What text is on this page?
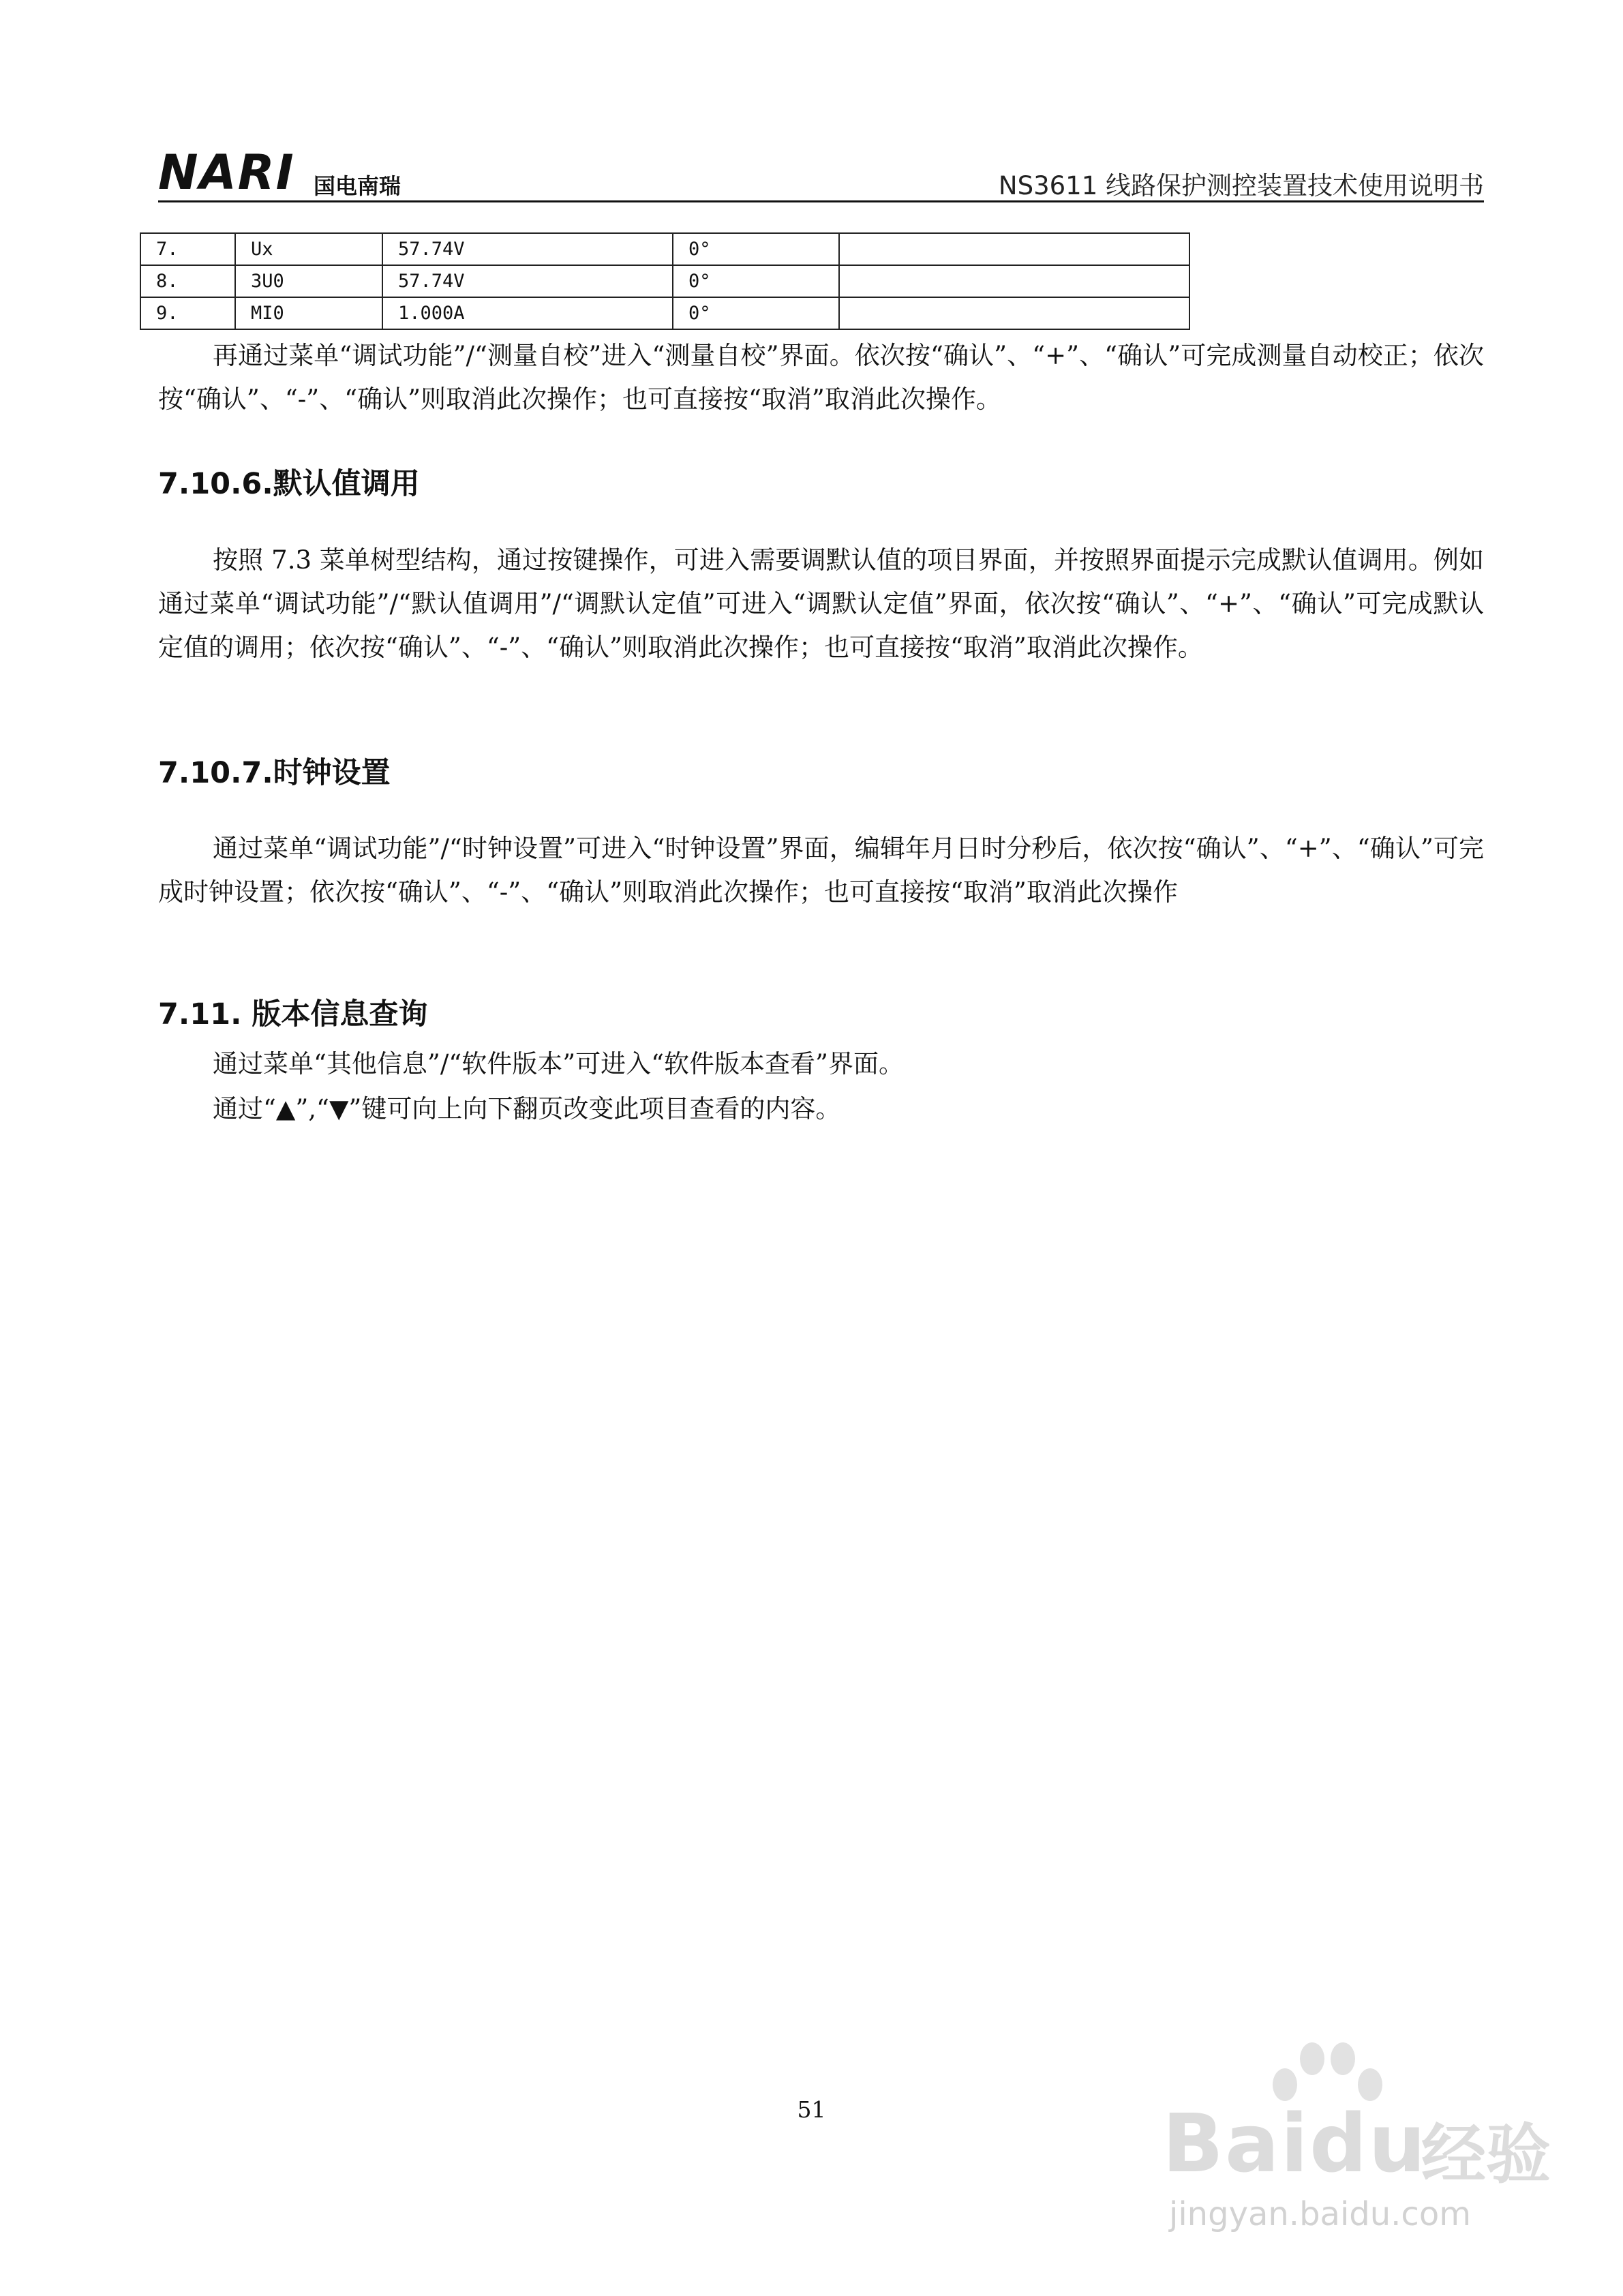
NARI 国电南瑞	NS3611 线路保护测控装置技术使用说明书
7.	Ux	57.74V	0°	
8.	3U0	57.74V	0°	
9.	MI0	1.000A	0°	

再通过菜单“调试功能”/“测量自校”进入“测量自校”界面。依次按“确认”、“+”、“确认”可完成测量自动校正；依次按“确认”、“-”、“确认”则取消此次操作；也可直接按“取消”取消此次操作。

7.10.6.默认值调用

按照 7.3 菜单树型结构，通过按键操作，可进入需要调默认值的项目界面，并按照界面提示完成默认值调用。例如通过菜单“调试功能”/“默认值调用”/“调默认定值”可进入“调默认定值”界面，依次按“确认”、“+”、“确认”可完成默认定值的调用；依次按“确认”、“-”、“确认”则取消此次操作；也可直接按“取消”取消此次操作。

7.10.7.时钟设置

通过菜单“调试功能”/“时钟设置”可进入“时钟设置”界面，编辑年月日时分秒后，依次按“确认”、“+”、“确认”可完成时钟设置；依次按“确认”、“-”、“确认”则取消此次操作；也可直接按“取消”取消此次操作

7.11. 版本信息查询

通过菜单“其他信息”/“软件版本”可进入“软件版本查看”界面。

通过“▲”,“▼”键可向上向下翻页改变此项目查看的内容。

51	Baidu
经验
jingyan.baidu.com
